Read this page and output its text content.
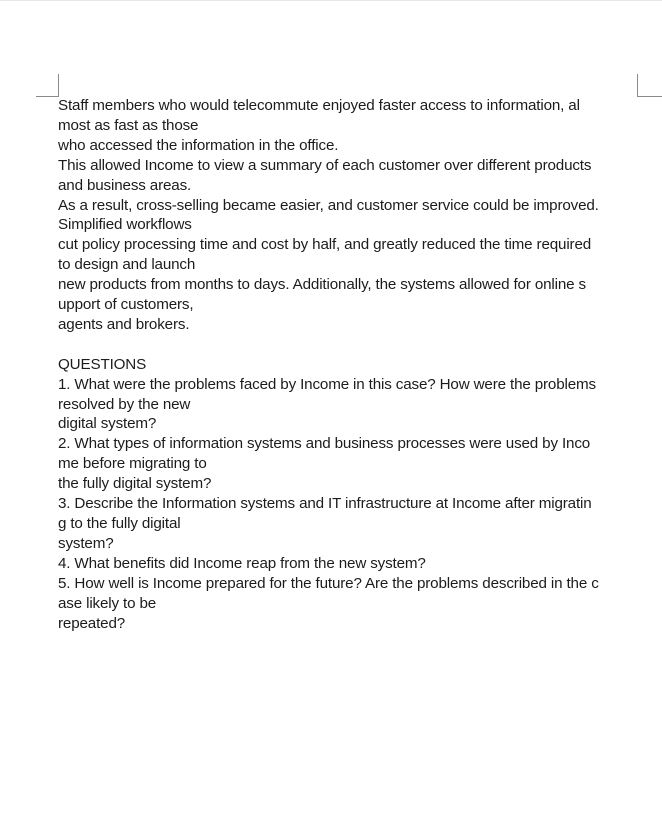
Staff members who would telecommute enjoyed faster access to information, al
most as fast as those
who accessed the information in the office.
This allowed Income to view a summary of each customer over different products
and business areas.
As a result, cross-selling became easier, and customer service could be improved.
Simplified workflows
cut policy processing time and cost by half, and greatly reduced the time required
to design and launch
new products from months to days. Additionally, the systems allowed for online s
upport of customers,
agents and brokers.
QUESTIONS
1. What were the problems faced by Income in this case? How were the problems
resolved by the new
digital system?
2. What types of information systems and business processes were used by Inco
me before migrating to
the fully digital system?
3. Describe the Information systems and IT infrastructure at Income after migratin
g to the fully digital
system?
4. What benefits did Income reap from the new system?
5. How well is Income prepared for the future? Are the problems described in the c
ase likely to be
repeated?
